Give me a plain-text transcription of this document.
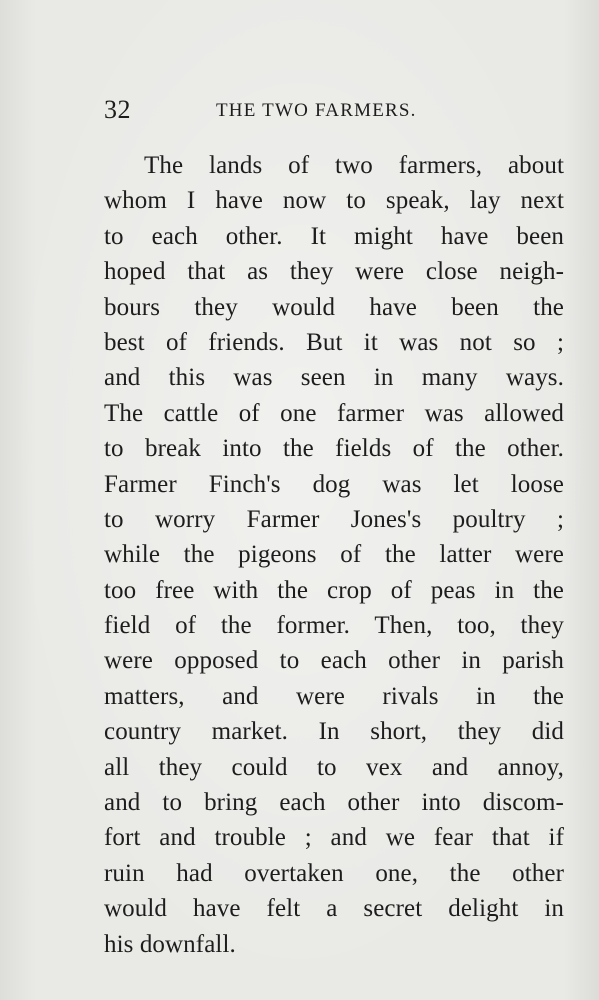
32	THE TWO FARMERS.
The lands of two farmers, about
whom I have now to speak, lay next
to each other. It might have been
hoped that as they were close neigh-
bours they would have been the
best of friends. But it was not so ;
and this was seen in many ways.
The cattle of one farmer was allowed
to break into the fields of the other.
Farmer Finch's dog was let loose
to worry Farmer Jones's poultry ;
while the pigeons of the latter were
too free with the crop of peas in the
field of the former. Then, too, they
were opposed to each other in parish
matters, and were rivals in the
country market. In short, they did
all they could to vex and annoy,
and to bring each other into discom-
fort and trouble ; and we fear that if
ruin had overtaken one, the other
would have felt a secret delight in
his downfall.
